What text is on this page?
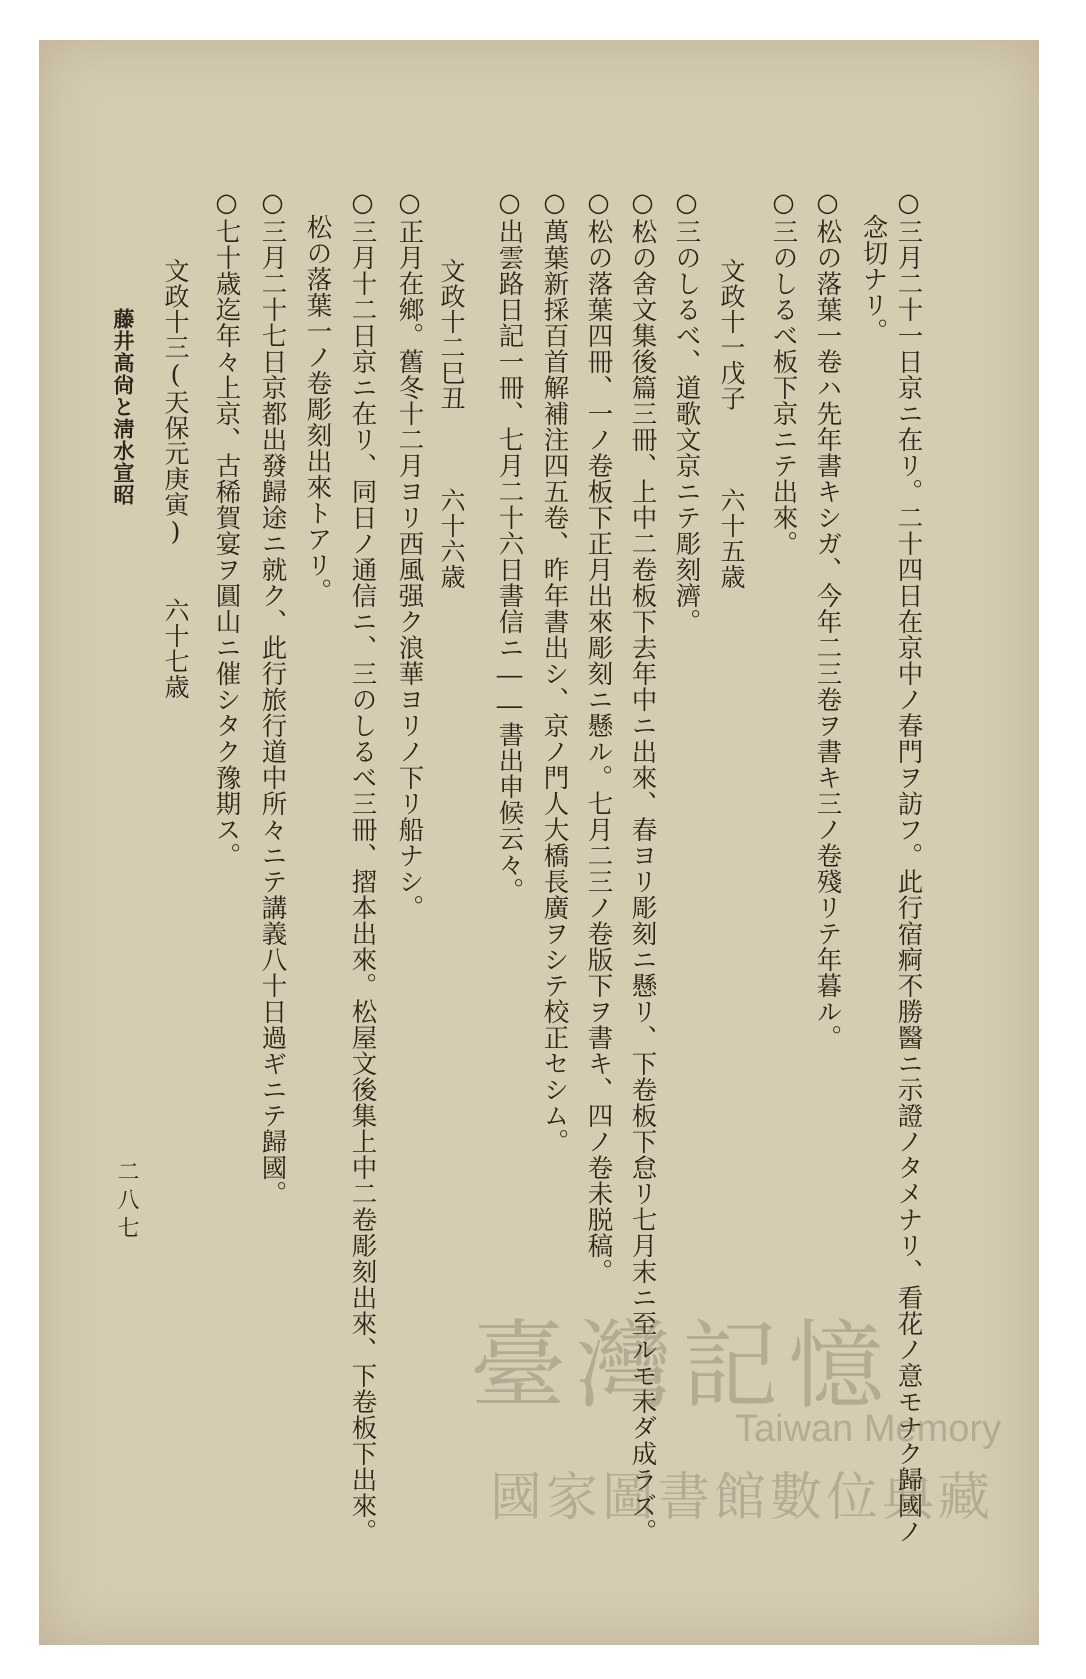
○三月二十一日京ニ在リ。二十四日在京中ノ春門ヲ訪フ。此行宿痾不勝醫ニ示證ノタメナリ、看花ノ意モナク歸國ノ
念切ナリ。
○松の落葉一卷ハ先年書キシガ、今年二三卷ヲ書キ三ノ卷殘リテ年暮ル。
○三のしるべ板下京ニテ出來。
文政十一戊子　　　六十五歳
○三のしるべ、道歌文京ニテ彫刻濟。
○松の舍文集後篇三冊、上中二卷板下去年中ニ出來、春ヨリ彫刻ニ懸リ、下卷板下怠リ七月末ニ至ルモ未ダ成ラズ。
○松の落葉四冊、一ノ卷板下正月出來彫刻ニ懸ル。七月二三ノ卷版下ヲ書キ、四ノ卷未脱稿。
○萬葉新採百首解補注四五卷、昨年書出シ、京ノ門人大橋長廣ヲシテ校正セシム。
○出雲路日記一冊、七月二十六日書信ニ――書出申候云々。
文政十二巳丑　　　六十六歳
○正月在鄉。舊冬十二月ヨリ西風强ク浪華ヨリノ下リ船ナシ。
○三月十二日京ニ在リ、同日ノ通信ニ、三のしるべ三冊、摺本出來。松屋文後集上中二卷彫刻出來、下卷板下出來。
松の落葉一ノ卷彫刻出來トアリ。
○三月二十七日京都出發歸途ニ就ク、此行旅行道中所々ニテ講義八十日過ギニテ歸國。
○七十歳迄年々上京、古稀賀宴ヲ圓山ニ催シタク豫期ス。
文政十三(天保元庚寅)　　六十七歳
藤井高尙と淸水宣昭
二八七
臺灣記憶
Taiwan Memory
國家圖書館數位典藏
